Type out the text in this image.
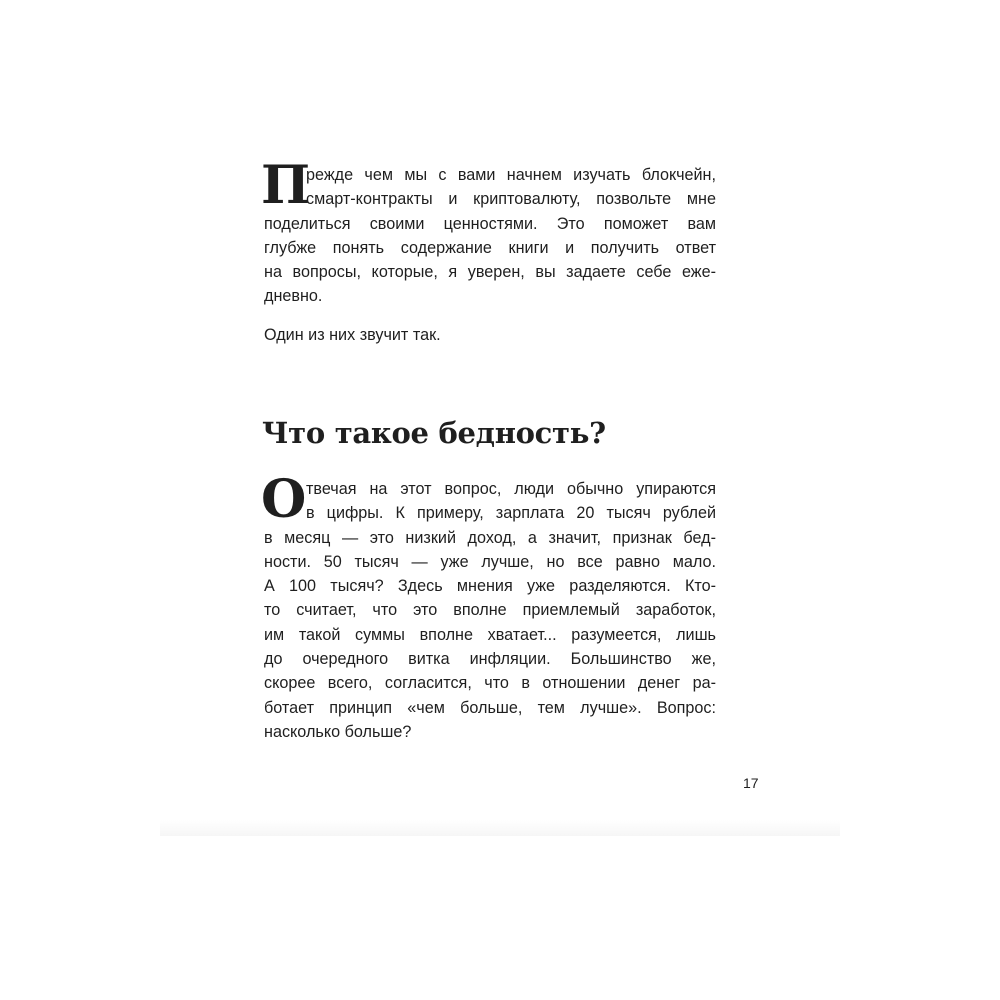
П
режде чем мы с вами начнем изучать блокчейн,
смарт-контракты и криптовалюту, позвольте мне
поделиться своими ценностями. Это поможет вам
глубже понять содержание книги и получить ответ
на вопросы, которые, я уверен, вы задаете себе еже-
дневно.
Один из них звучит так.
Что такое бедность?
О твечая на этот вопрос, люди обычно упираются
в цифры. К примеру, зарплата 20 тысяч рублей
в месяц — это низкий доход, а значит, признак бед-
ности. 50 тысяч — уже лучше, но все равно мало.
А 100 тысяч? Здесь мнения уже разделяются. Кто-
то считает, что это вполне приемлемый заработок,
им такой суммы вполне хватает... разумеется, лишь
до очередного витка инфляции. Большинство же,
скорее всего, согласится, что в отношении денег ра-
ботает принцип «чем больше, тем лучше». Вопрос:
насколько больше?
17
